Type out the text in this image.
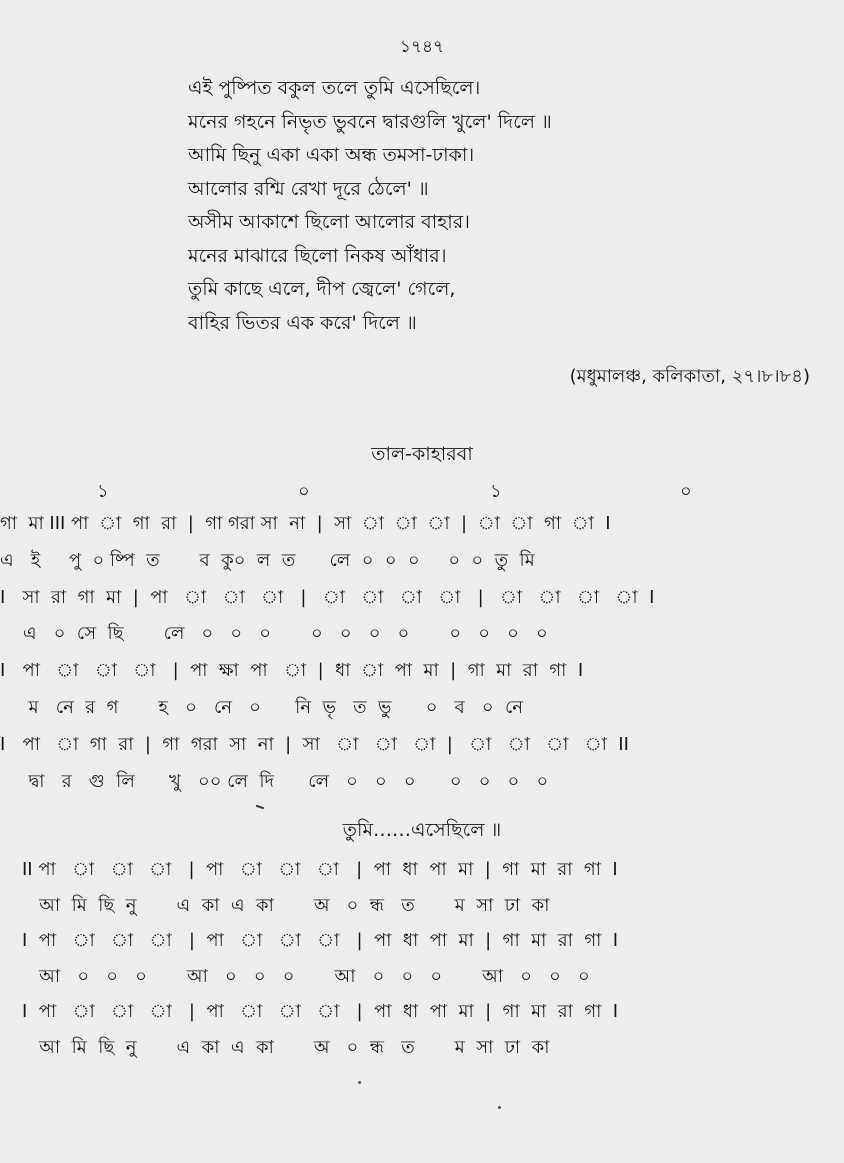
১৭৪৭
এই পুষ্পিত বকুল তলে তুমি এসেছিলে।
মনের গহনে নিভৃত ভুবনে দ্বারগুলি খুলে' দিলে ॥
আমি ছিনু একা একা অন্ধ তমসা-ঢাকা।
আলোর রশ্মি রেখা দূরে ঠেলে' ॥
অসীম আকাশে ছিলো আলোর বাহার।
মনের মাঝারে ছিলো নিকষ আঁধার।
তুমি কাছে এলে, দীপ জ্বেলে' গেলে,
বাহির ভিতর এক করে' দিলে ॥
(মধুমালঞ্চ, কলিকাতা, ২৭।৮।৮৪)
তাল-কাহারবা
১	০	১	০
গা  মা III পা  া  গা  রা  |  গা গরা সা  না  |  সা  া  া  া  |  া  া  গা  া  I
এ   ই     পু  ০ ষ্পি  ত       ব  কু০  ল  ত      লে  ০  ০  ০     ০  ০  তু  মি
I   সা  রা  গা  মা  |  পা   া   া   া   |   া   া   া   া   |   া   া   া   া  I
এ   ০  সে  ছি       লে   ০   ০   ০       ০   ০   ০   ০       ০   ০   ০   ০
I   পা   া   া   া   |  পা  ক্ষা  পা   া  |  ধা  া  পা  মা  |  গা  মা  রা  গা  I
ম   নে  র  গ       হ   ০   নে   ০      নি  ভৃ   ত  ভু      ০   ব   ০  নে
I   পা   া  গা  রা  |  গা  গরা  সা  না  |  সা   া   া   া  |   া   া   া   া  II
দ্বা   র   গু  লি      খু   ০০ লে  দি      লে   ০   ০   ০      ০   ০   ০   ০
তুমি……এসেছিলে ॥
II পা   া   া   া   |  পা   া   া   া   |  পা  ধা  পা  মা  |  গা  মা  রা  গা  I
আ  মি  ছি  নু       এ  কা  এ  কা       অ   ০  ন্ধ   ত       ম  সা  ঢা  কা
I  পা   া   া   া   |  পা   া   া   া   |  পা  ধা  পা  মা  |  গা  মা  রা  গা  I
আ   ০   ০   ০       আ   ০   ০   ০       আ   ০   ০   ০       আ   ০   ০   ০
I  পা   া   া   া   |  পা   া   া   া   |  পা  ধা  পা  মা  |  গা  মা  রা  গা  I
আ  মি  ছি  নু       এ  কা  এ  কা       অ   ০  ন্ধ   ত       ম  সা  ঢা  কা
